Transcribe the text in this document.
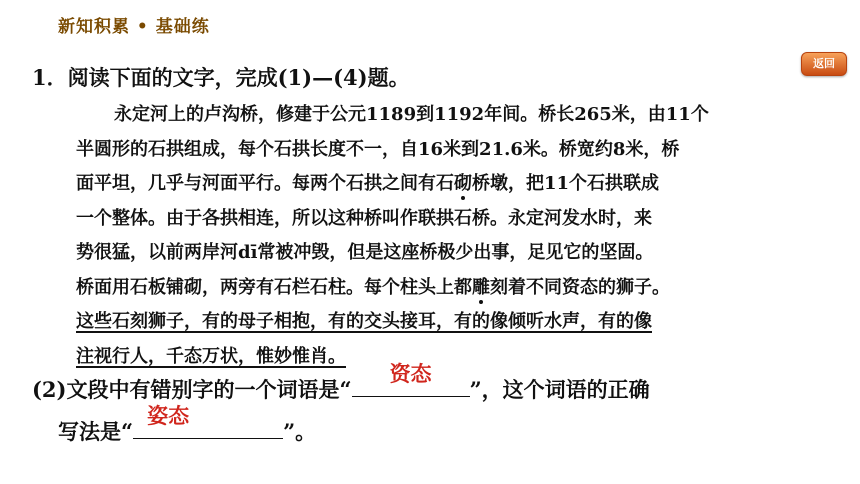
新知积累 • 基础练
返回
1．阅读下面的文字，完成(1)—(4)题。
永定河上的卢沟桥，修建于公元1189到1192年间。桥长265米，由11个
半圆形的石拱组成，每个石拱长度不一，自16米到21.6米。桥宽约8米，桥
面平坦，几乎与河面平行。每两个石拱之间有石砌桥墩，把11个石拱联成
一个整体。由于各拱相连，所以这种桥叫作联拱石桥。永定河发水时，来
势很猛，以前两岸河dī常被冲毁，但是这座桥极少出事，足见它的坚固。
桥面用石板铺砌，两旁有石栏石柱。每个柱头上都雕刻着不同资态的狮子。
这些石刻狮子，有的母子相抱，有的交头接耳，有的像倾听水声，有的像
注视行人，千态万状，惟妙惟肖。
(2)文段中有错别字的一个词语是“
资态
”，这个词语的正确
写法是“
姿态
”。
